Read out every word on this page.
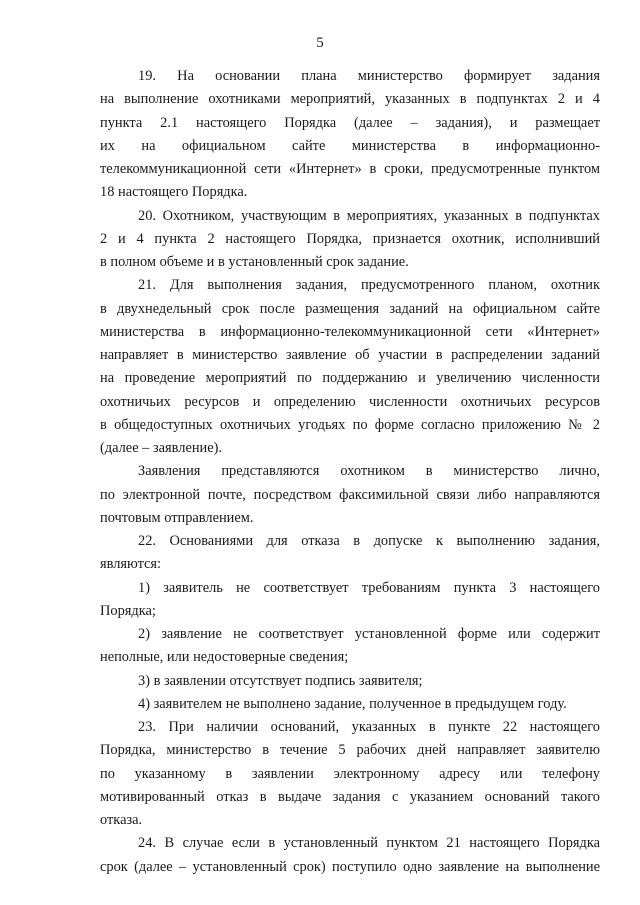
5
19. На основании плана министерство формирует задания
на выполнение охотниками мероприятий, указанных в подпунктах 2 и 4
пункта 2.1 настоящего Порядка (далее – задания), и размещает
их на официальном сайте министерства в информационно-
телекоммуникационной сети «Интернет» в сроки, предусмотренные пунктом
18 настоящего Порядка.
20. Охотником, участвующим в мероприятиях, указанных в подпунктах
2 и 4 пункта 2 настоящего Порядка, признается охотник, исполнивший
в полном объеме и в установленный срок задание.
21. Для выполнения задания, предусмотренного планом, охотник
в двухнедельный срок после размещения заданий на официальном сайте
министерства в информационно-телекоммуникационной сети «Интернет»
направляет в министерство заявление об участии в распределении заданий
на проведение мероприятий по поддержанию и увеличению численности
охотничьих ресурсов и определению численности охотничьих ресурсов
в общедоступных охотничьих угодьях по форме согласно приложению № 2
(далее – заявление).
Заявления представляются охотником в министерство лично,
по электронной почте, посредством факсимильной связи либо направляются
почтовым отправлением.
22. Основаниями для отказа в допуске к выполнению задания,
являются:
1) заявитель не соответствует требованиям пункта 3 настоящего
Порядка;
2) заявление не соответствует установленной форме или содержит
неполные, или недостоверные сведения;
3) в заявлении отсутствует подпись заявителя;
4) заявителем не выполнено задание, полученное в предыдущем году.
23. При наличии оснований, указанных в пункте 22 настоящего
Порядка, министерство в течение 5 рабочих дней направляет заявителю
по указанному в заявлении электронному адресу или телефону
мотивированный отказ в выдаче задания с указанием оснований такого
отказа.
24. В случае если в установленный пунктом 21 настоящего Порядка
срок (далее – установленный срок) поступило одно заявление на выполнение
